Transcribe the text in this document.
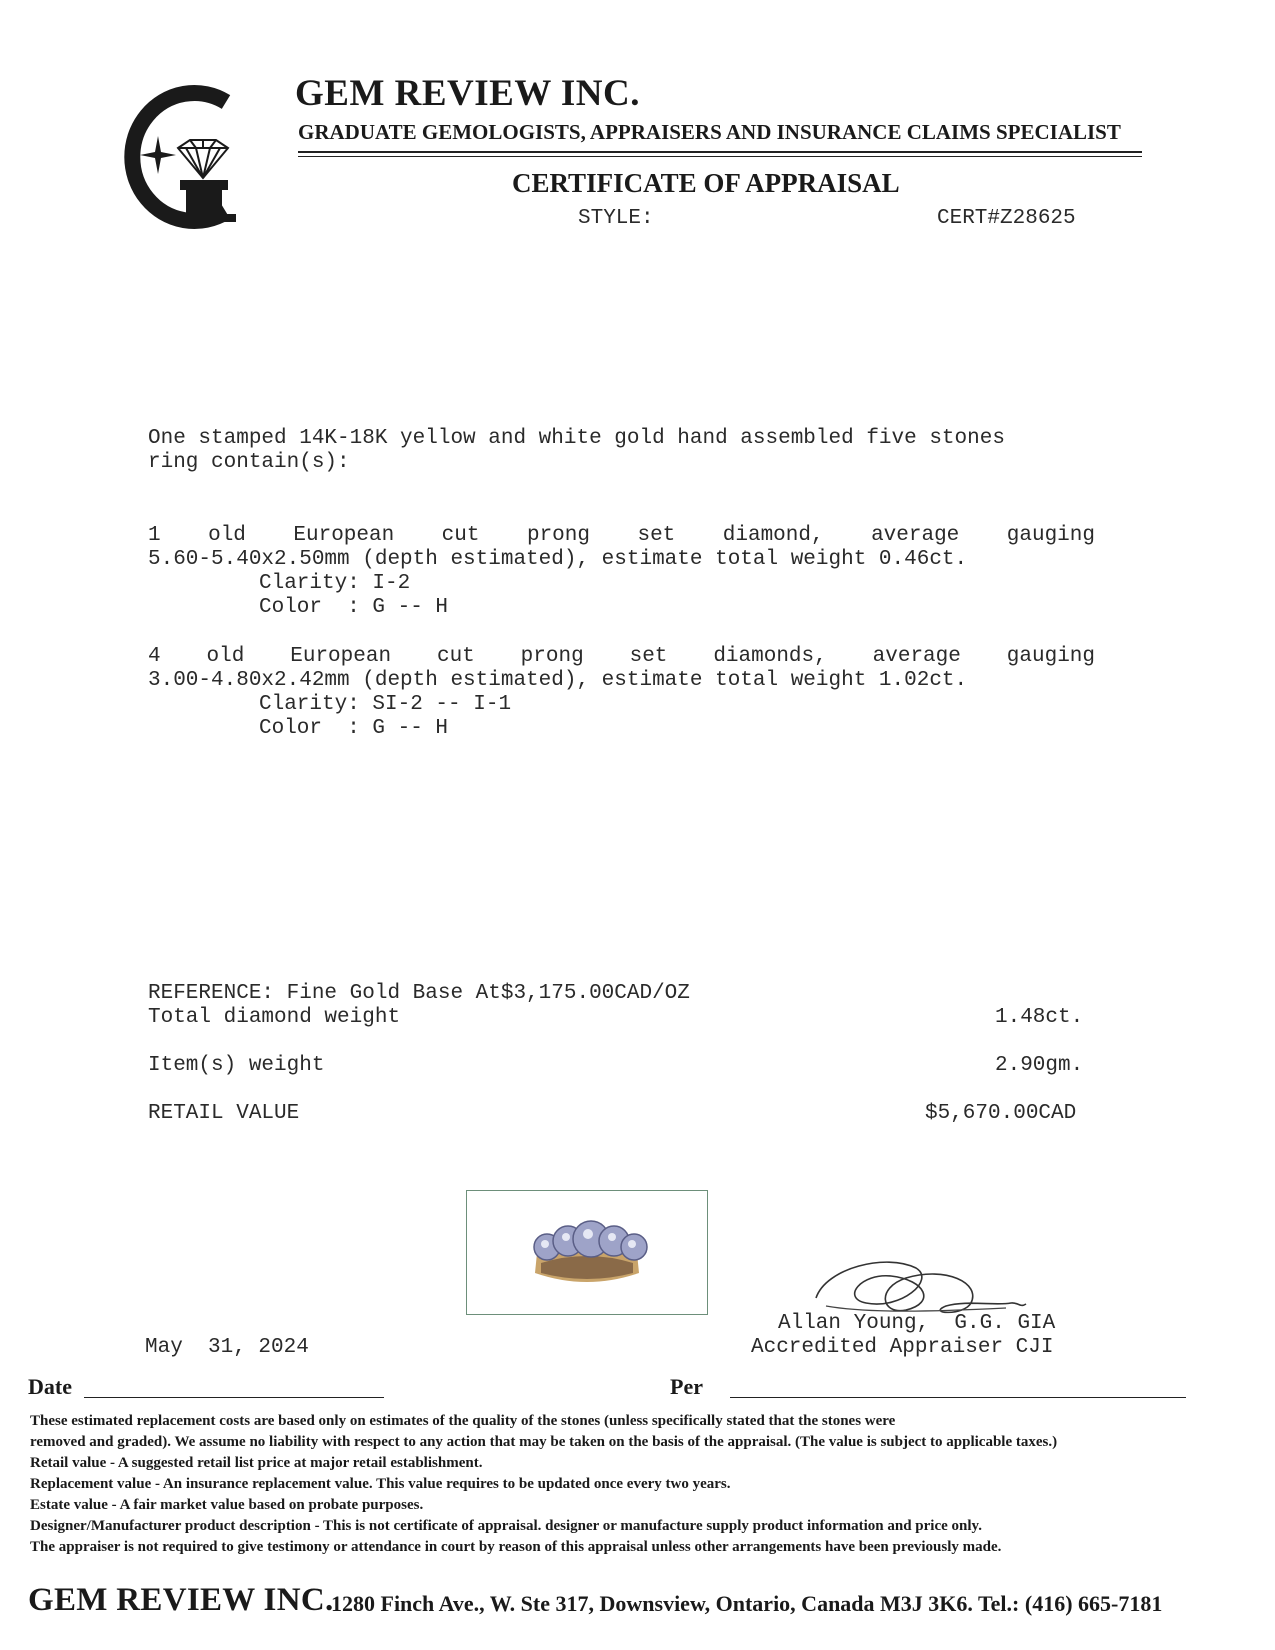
GEM REVIEW INC.
GRADUATE GEMOLOGISTS, APPRAISERS AND INSURANCE CLAIMS SPECIALIST
CERTIFICATE OF APPRAISAL
STYLE:	CERT#Z28625
One stamped 14K-18K yellow and white gold hand assembled five stones
ring contain(s):
1 old European cut prong set diamond, average gauging
5.60-5.40x2.50mm (depth estimated), estimate total weight 0.46ct.
Clarity: I-2
Color  : G -- H
4 old European cut prong set diamonds, average gauging
3.00-4.80x2.42mm (depth estimated), estimate total weight 1.02ct.
Clarity: SI-2 -- I-1
Color  : G -- H
REFERENCE: Fine Gold Base At$3,175.00CAD/OZ
Total diamond weight	1.48ct.
Item(s) weight	2.90gm.
RETAIL VALUE	$5,670.00CAD
Allan Young,  G.G. GIA
Accredited Appraiser CJI
May  31, 2024
Date	Per
These estimated replacement costs are based only on estimates of the quality of the stones (unless specifically stated that the stones were
removed and graded). We assume no liability with respect to any action that may be taken on the basis of the appraisal. (The value is subject to applicable taxes.)
Retail value - A suggested retail list price at major retail establishment.
Replacement value - An insurance replacement value. This value requires to be updated once every two years.
Estate value - A fair market value based on probate purposes.
Designer/Manufacturer product description - This is not certificate of appraisal. designer or manufacture supply product information and price only.
The appraiser is not required to give testimony or attendance in court by reason of this appraisal unless other arrangements have been previously made.
GEM REVIEW INC.
1280 Finch Ave., W. Ste 317, Downsview, Ontario, Canada M3J 3K6. Tel.: (416) 665-7181
